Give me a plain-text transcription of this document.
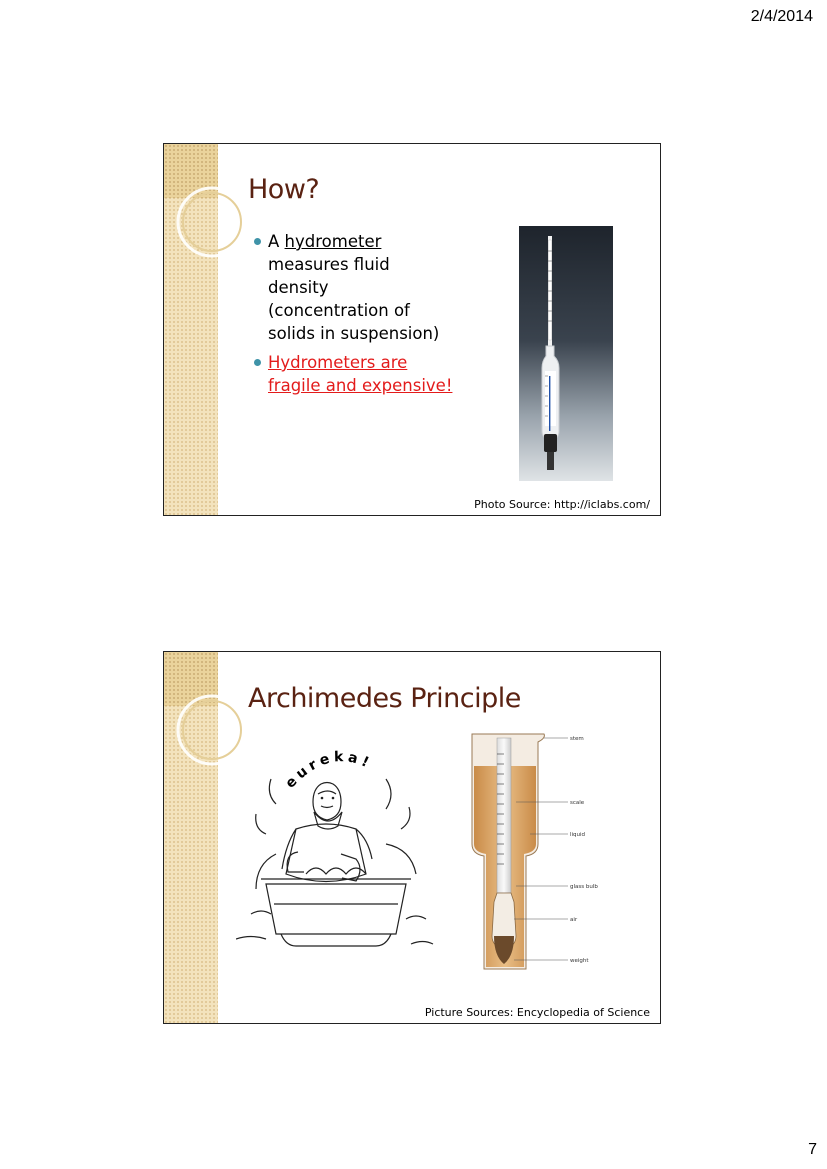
2/4/2014
How?
A hydrometer measures fluid density (concentration of solids in suspension)
Hydrometers are fragile and expensive!
Photo Source: http://iclabs.com/
Archimedes Principle
eureka!
stem
scale
liquid
glass bulb
air
weight
Picture Sources: Encyclopedia of Science
7
